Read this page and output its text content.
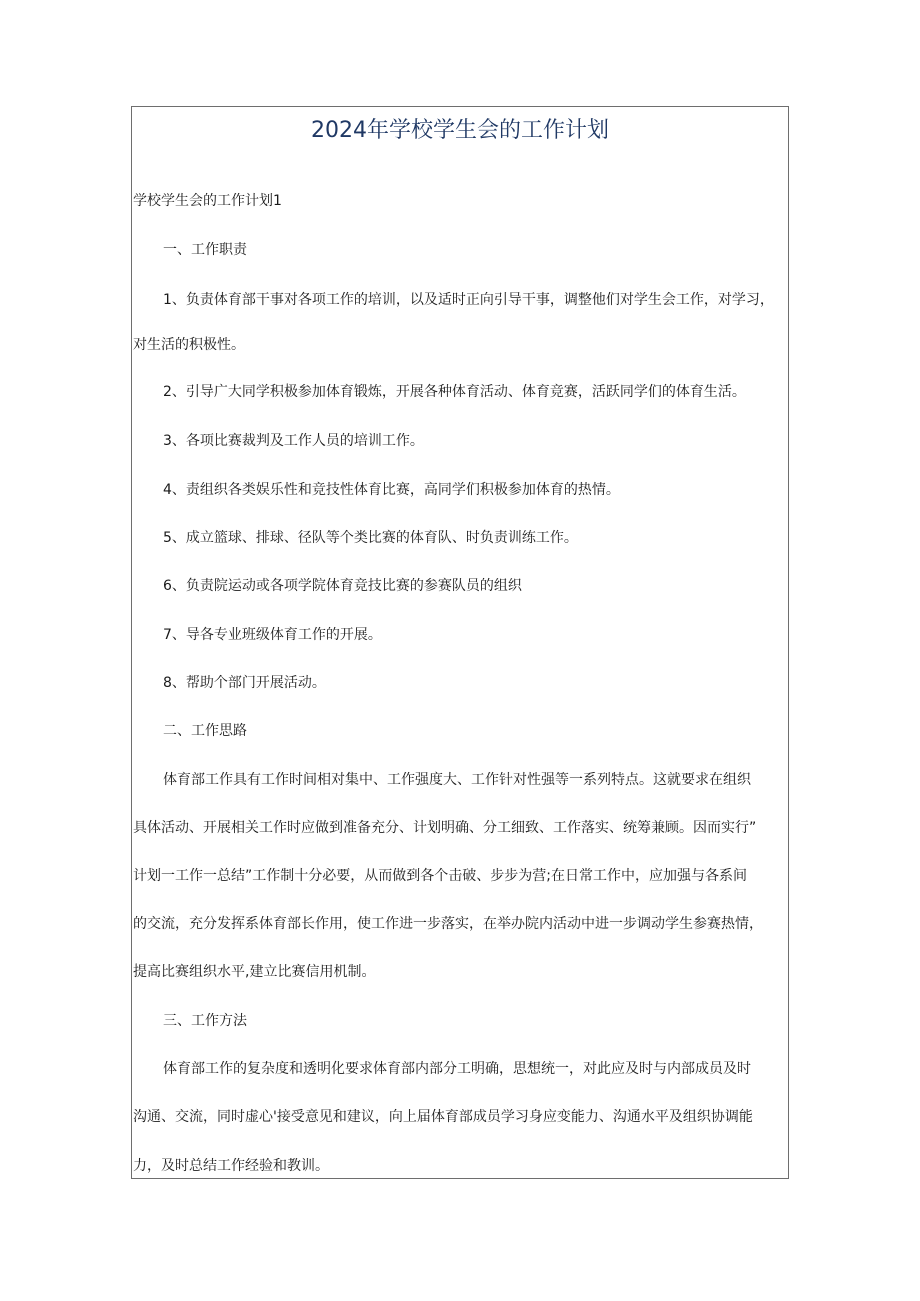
2024年学校学生会的工作计划
学校学生会的工作计划1
一、工作职责
1、负责体育部干事对各项工作的培训，以及适时正向引导干事，调整他们对学生会工作，对学习，
对生活的积极性。
2、引导广大同学积极参加体育锻炼，开展各种体育活动、体育竞赛，活跃同学们的体育生活。
3、各项比赛裁判及工作人员的培训工作。
4、责组织各类娱乐性和竞技性体育比赛，高同学们积极参加体育的热情。
5、成立篮球、排球、径队等个类比赛的体育队、时负责训练工作。
6、负责院运动或各项学院体育竞技比赛的参赛队员的组织
7、导各专业班级体育工作的开展。
8、帮助个部门开展活动。
二、工作思路
体育部工作具有工作时间相对集中、工作强度大、工作针对性强等一系列特点。这就要求在组织
具体活动、开展相关工作时应做到准备充分、计划明确、分工细致、工作落实、统筹兼顾。因而实行”
计划一工作一总结”工作制十分必要，从而做到各个击破、步步为营;在日常工作中，应加强与各系间
的交流，充分发挥系体育部长作用，使工作进一步落实，在举办院内活动中进一步调动学生参赛热情，
提高比赛组织水平,建立比赛信用机制。
三、工作方法
体育部工作的复杂度和透明化要求体育部内部分工明确，思想统一，对此应及时与内部成员及时
沟通、交流，同时虚心'接受意见和建议，向上届体育部成员学习身应变能力、沟通水平及组织协调能
力，及时总结工作经验和教训。
